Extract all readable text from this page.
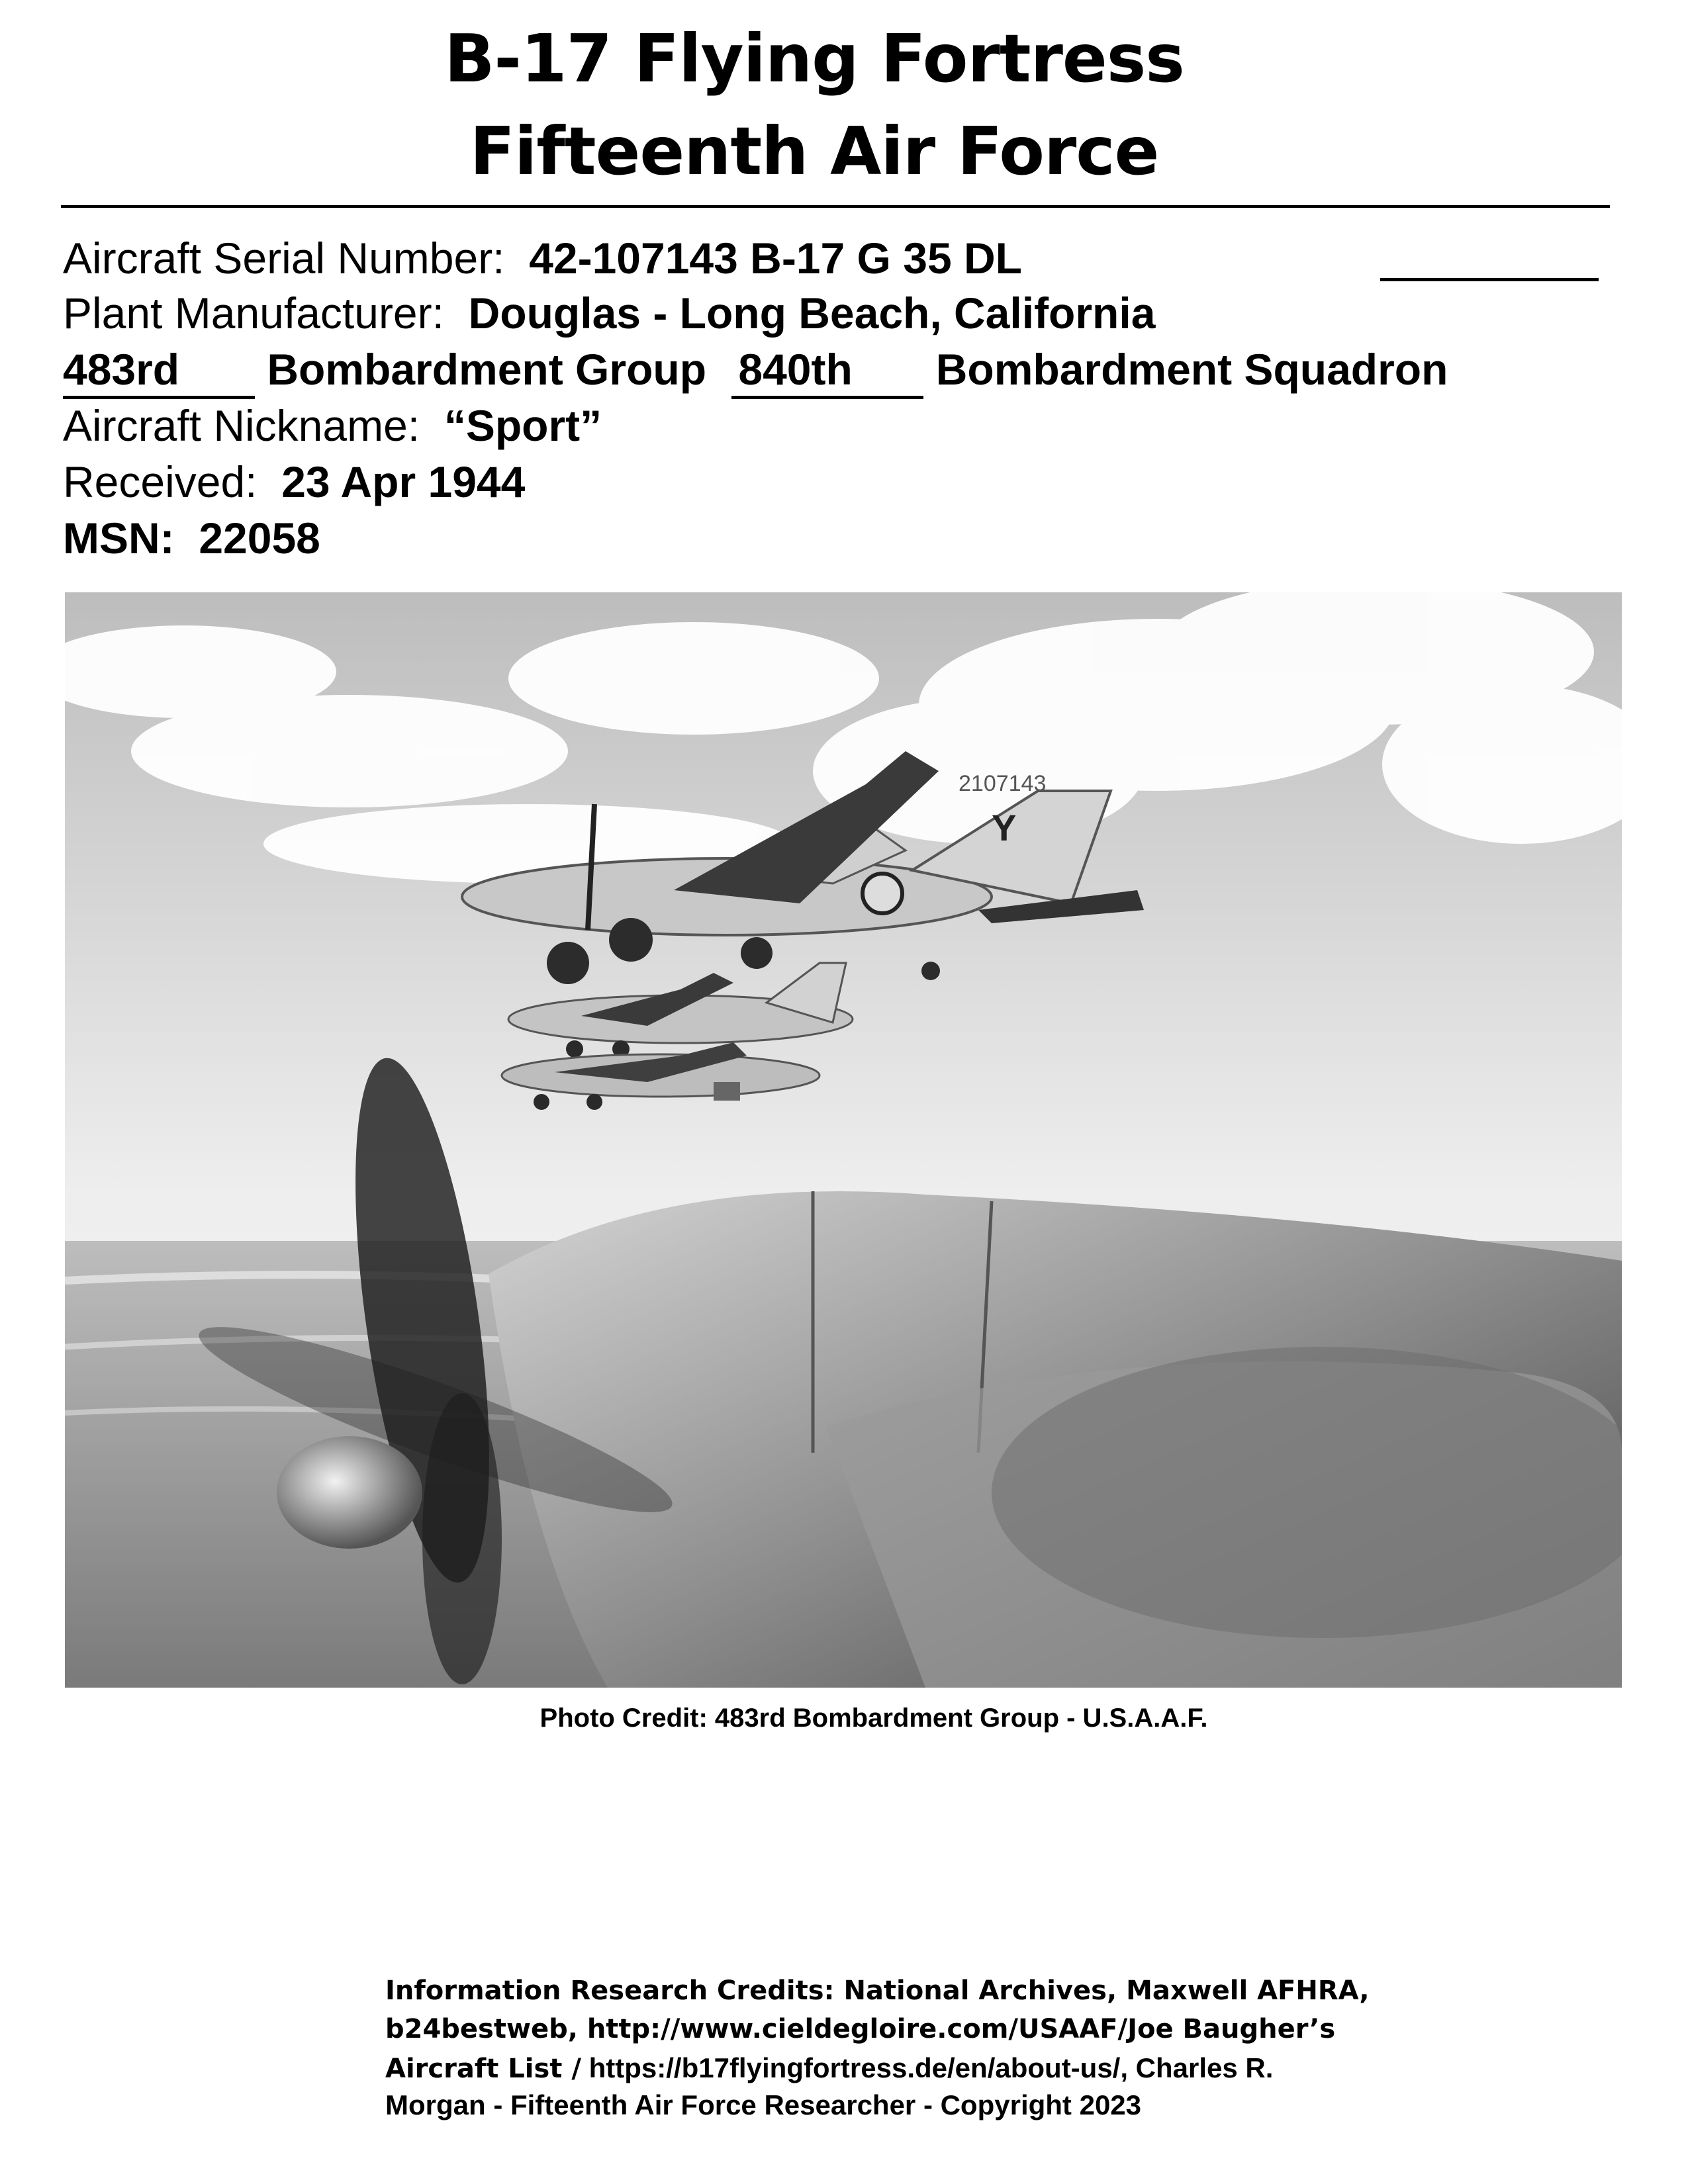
B-17 Flying Fortress
Fifteenth Air Force
Aircraft Serial Number: 42-107143 B-17 G 35 DL
Plant Manufacturer: Douglas - Long Beach, California
483rd Bombardment Group 840th Bombardment Squadron
Aircraft Nickname: “Sport”
Received: 23 Apr 1944
MSN: 22058
2107143
Y
Photo Credit: 483rd Bombardment Group - U.S.A.A.F.
Information Research Credits: National Archives, Maxwell AFHRA,
b24bestweb, http://www.cieldegloire.com/USAAF/Joe Baugher’s
Aircraft List / https://b17flyingfortress.de/en/about-us/, Charles R.
Morgan - Fifteenth Air Force Researcher - Copyright 2023
